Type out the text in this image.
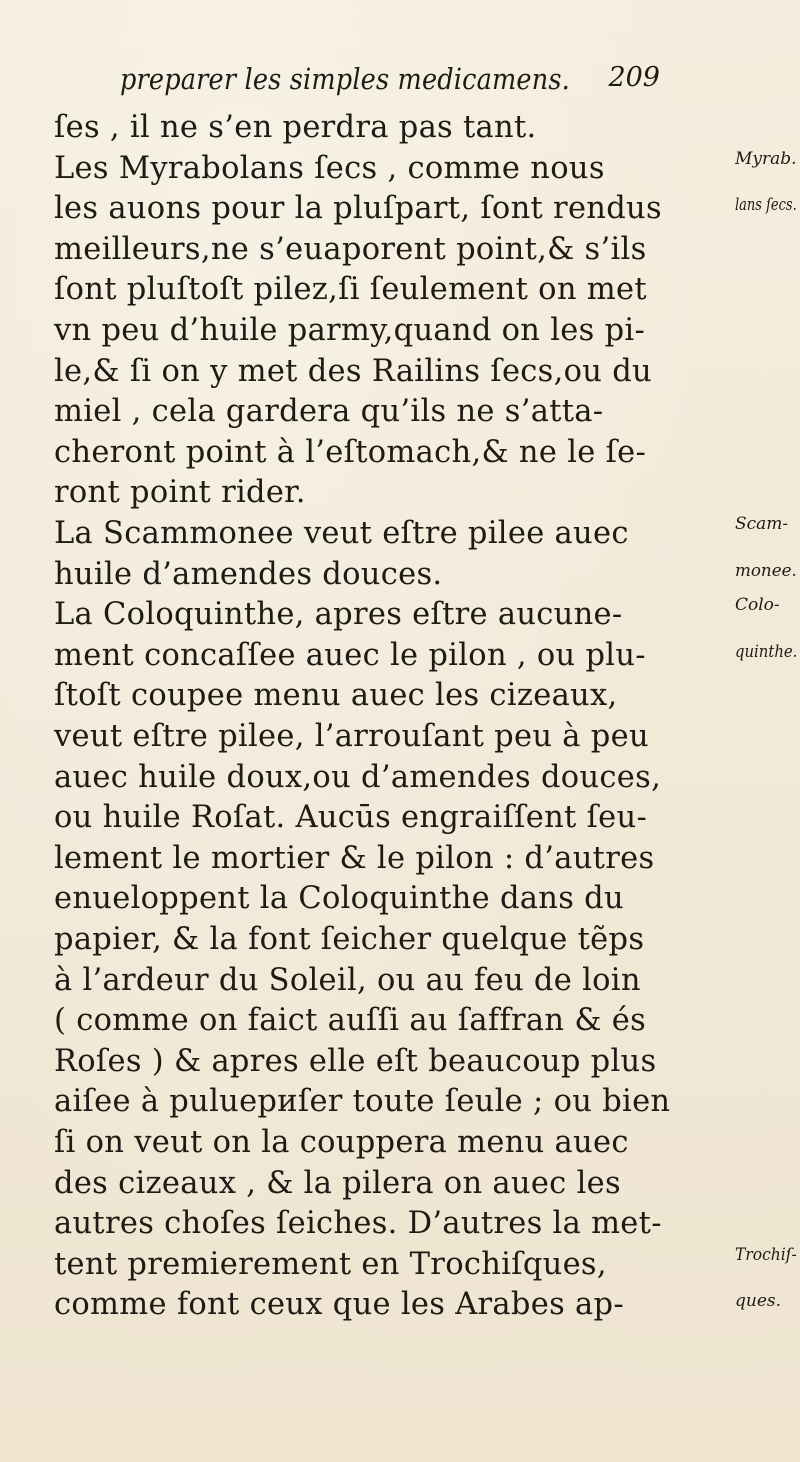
preparer les simples medicamens. 209
ſes , il ne s’en perdra pas tant.
Les Myrabolans ſecs , comme nous
les auons pour la pluſpart, ſont rendus
meilleurs,ne s’euaporent point,& s’ils
ſont pluſtoſt pilez,ſi ſeulement on met
vn peu d’huile parmy,quand on les pi-
le,& ſi on y met des Railins ſecs,ou du
miel , cela gardera qu’ils ne s’atta-
cheront point à l’eſtomach,& ne le ſe-
ront point rider.
La Scammonee veut eſtre pilee auec
huile d’amendes douces.
La Coloquinthe, apres eſtre aucune-
ment concaſſee auec le pilon , ou plu-
ſtoſt coupee menu auec les cizeaux,
veut eſtre pilee, l’arrouſant peu à peu
auec huile doux,ou d’amendes douces,
ou huile Roſat. Aucūs engraiſſent ſeu-
lement le mortier & le pilon : d’autres
enueloppent la Coloquinthe dans du
papier, & la font ſeicher quelque tẽps
à l’ardeur du Soleil, ou au feu de loin
( comme on faict auſſi au ſaffran & és
Roſes ) & apres elle eſt beaucoup plus
aiſee à puluериſer toute ſeule ; ou bien
ſi on veut on la couppera menu auec
des cizeaux , & la pilera on auec les
autres choſes ſeiches. D’autres la met-
tent premierement en Trochiſques,
comme font ceux que les Arabes ap-
Myrab.
lans ſecs.
Scam-
monee.
Colo-
quinthe.
Trochiſ-
ques.
